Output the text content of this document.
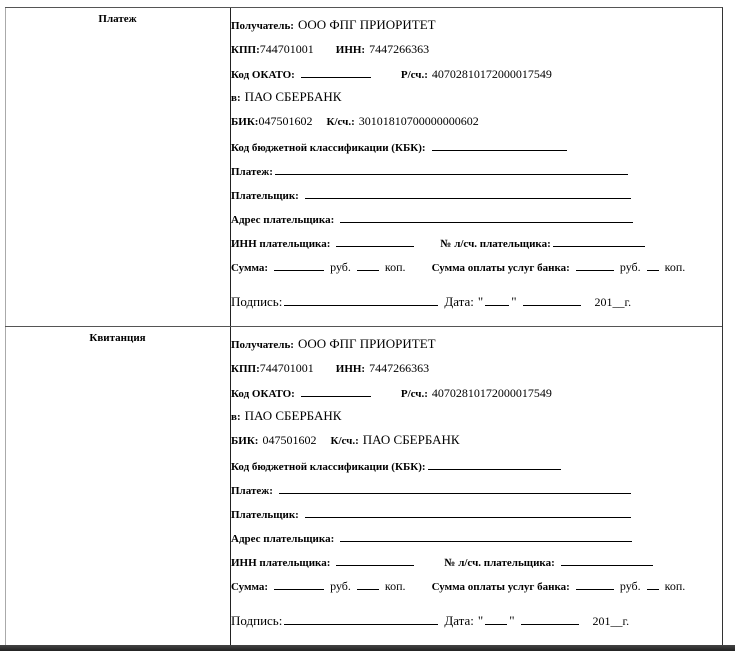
Платеж
Получатель: ООО ФПГ ПРИОРИТЕТ
КПП:744701001 ИНН: 7447266363
Код ОКАТО:	Р/сч.: 40702810172000017549
в: ПАО СБЕРБАНК
БИК:047501602 К/сч.: 30101810700000000602
Код бюджетной классификации (КБК):
Платеж:
Плательщик:
Адрес плательщика:
ИНН плательщика:	№ л/сч. плательщика:
Сумма:	руб.	коп. Сумма оплаты услуг банка:	руб. коп.
Подпись:	Дата: " "	201__г.
Квитанция
Получатель: ООО ФПГ ПРИОРИТЕТ
КПП:744701001 ИНН: 7447266363
Код ОКАТО:	Р/сч.: 40702810172000017549
в: ПАО СБЕРБАНК
БИК: 047501602 К/сч.: ПАО СБЕРБАНК
Код бюджетной классификации (КБК):
Платеж:
Плательщик:
Адрес плательщика:
ИНН плательщика:	№ л/сч. плательщика:
Сумма:	руб.	коп. Сумма оплаты услуг банка:	руб. коп.
Подпись:	Дата: " "	201__г.
